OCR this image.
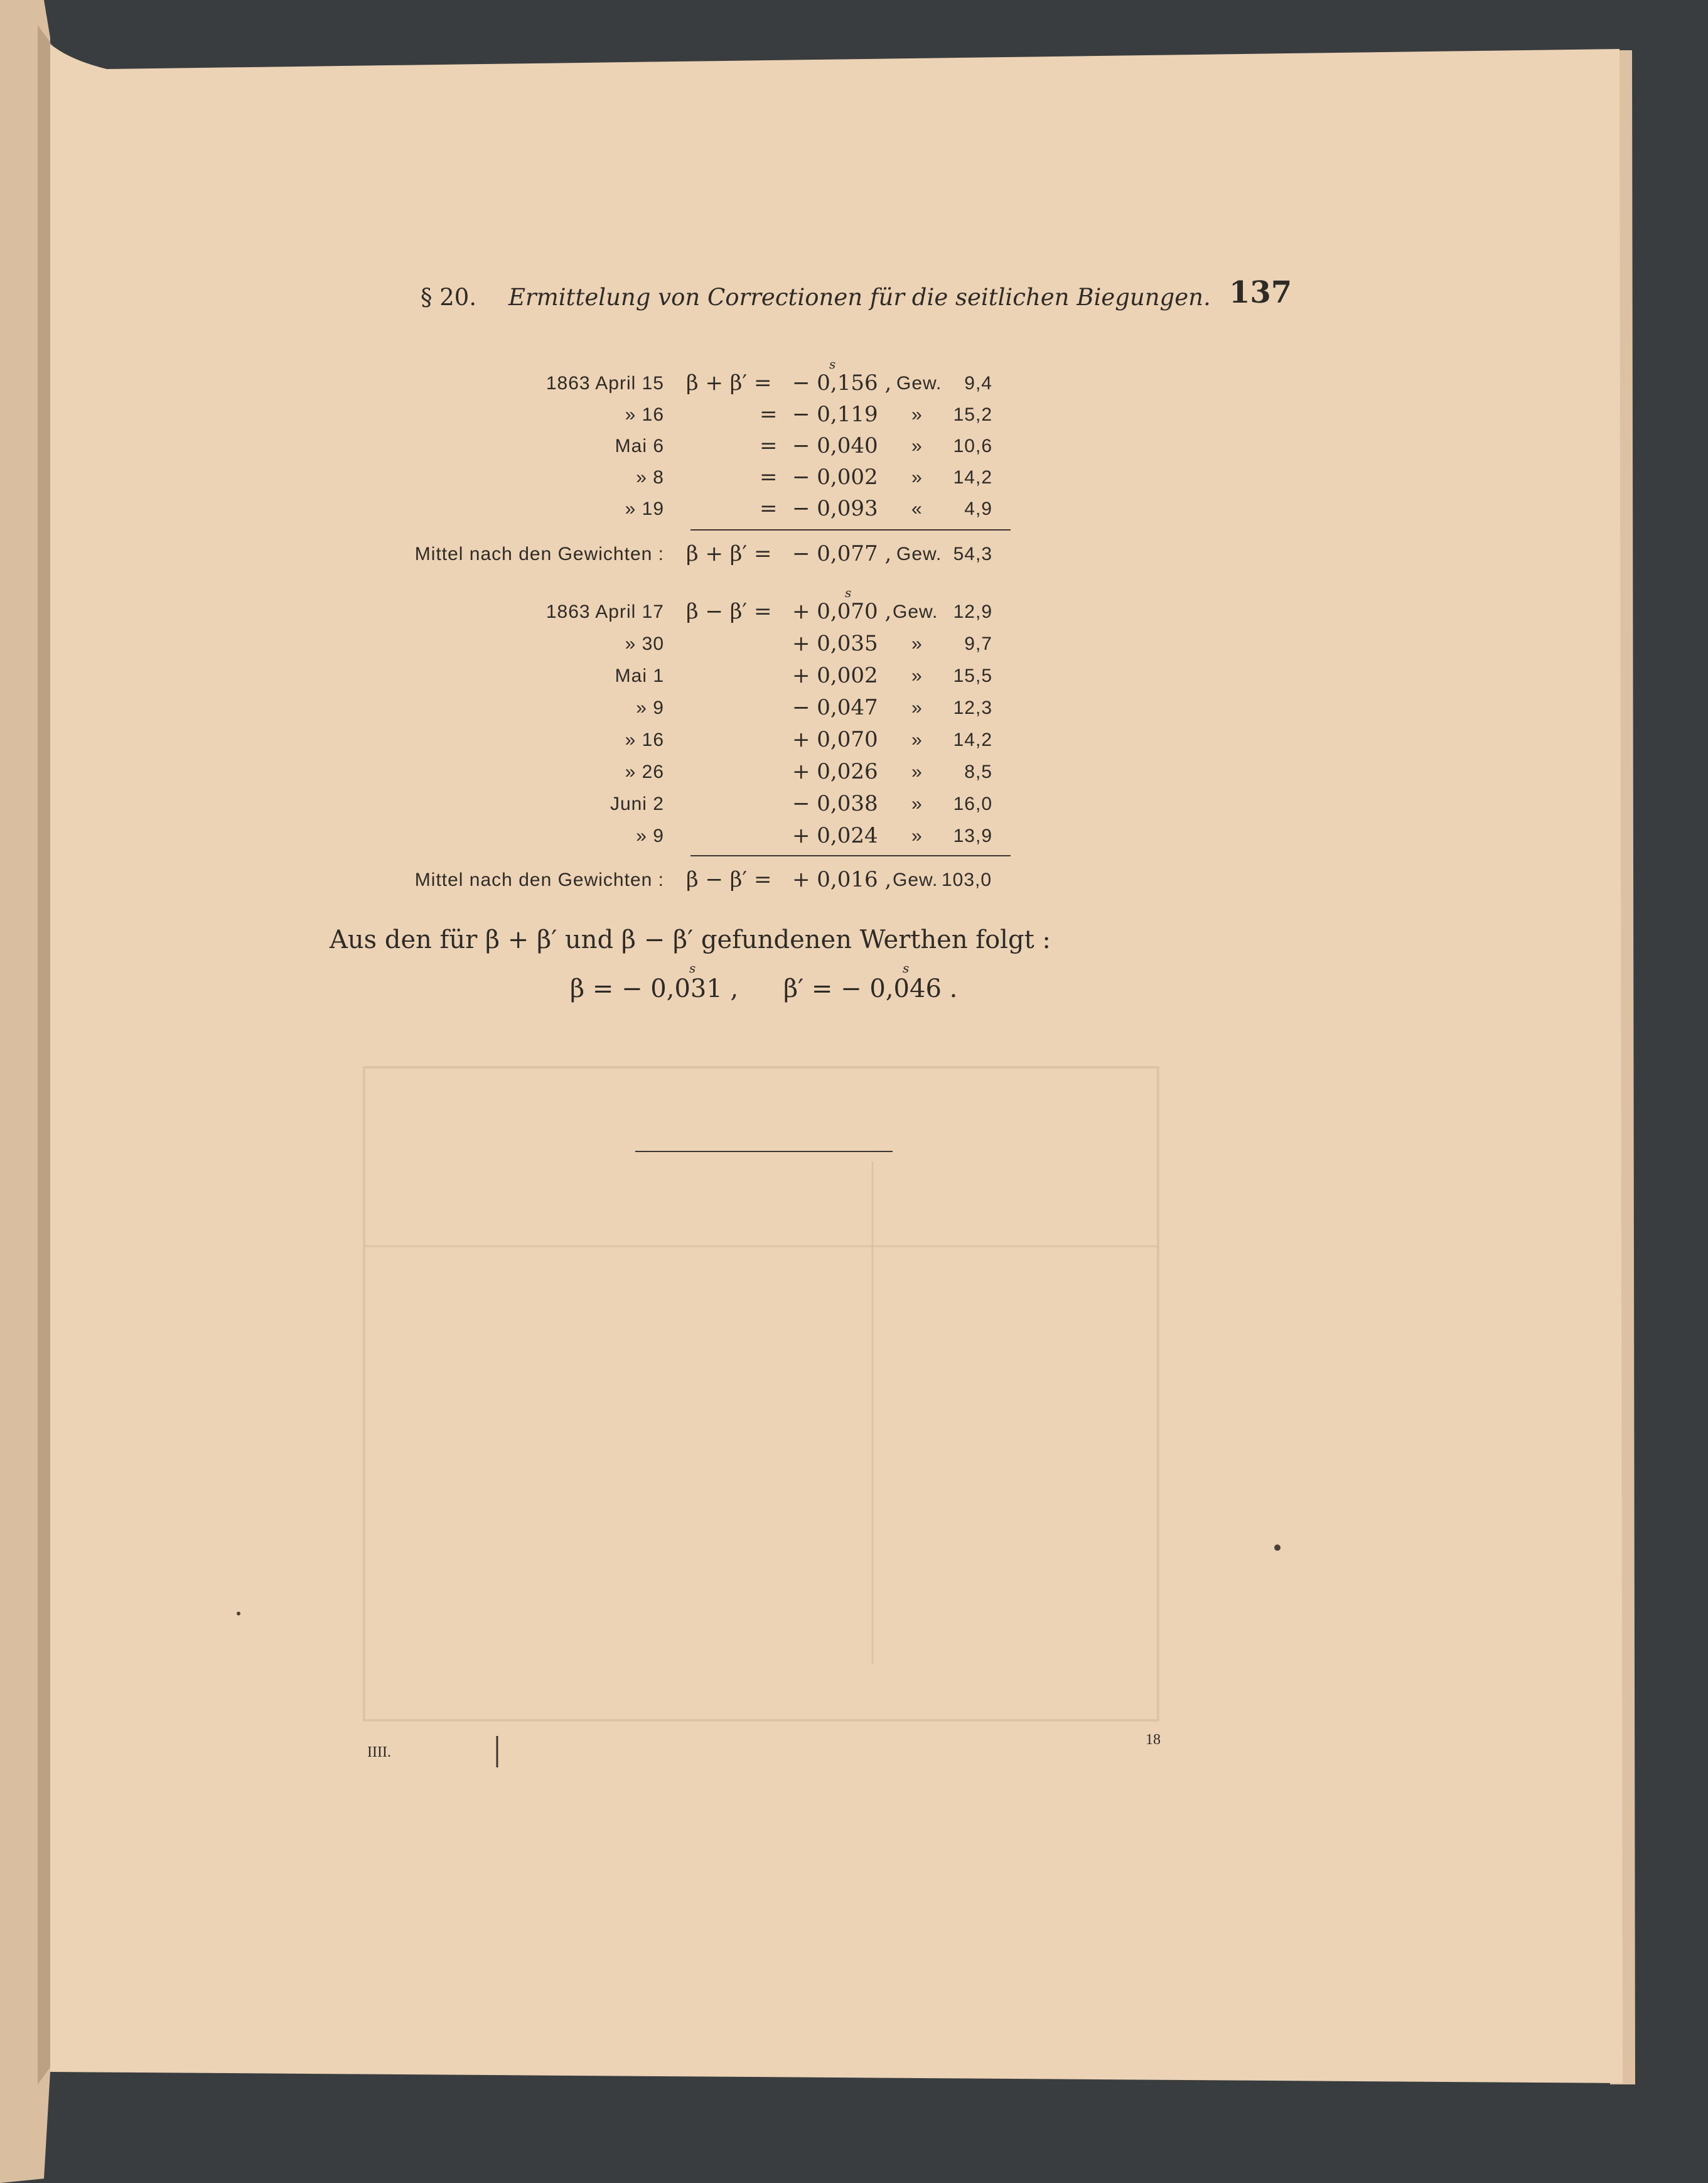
§ 20. Ermittelung von Correctionen für die seitlichen Biegungen. 137
s
1863 April 15 β + β′ = − 0,156 , Gew. 9,4
» 16	= − 0,119 » 15,2
Mai 6	= − 0,040 » 10,6
» 8	= − 0,002 » 14,2
» 19	= − 0,093 « 4,9
Mittel nach den Gewichten : β + β′ = − 0,077 , Gew. 54,3
s
1863 April 17 β − β′ = + 0,070 , Gew. 12,9
» 30	+ 0,035 » 9,7
Mai 1	+ 0,002 » 15,5
» 9	− 0,047 » 12,3
» 16	+ 0,070 » 14,2
» 26	+ 0,026 » 8,5
Juni 2	− 0,038 » 16,0
» 9	+ 0,024 » 13,9
Mittel nach den Gewichten : β − β′ = + 0,016 , Gew. 103,0
Aus den für β + β′ und β − β′ gefundenen Werthen folgt :
s	s
β = − 0,031 , β′ = − 0,046 .
IIII.
18
